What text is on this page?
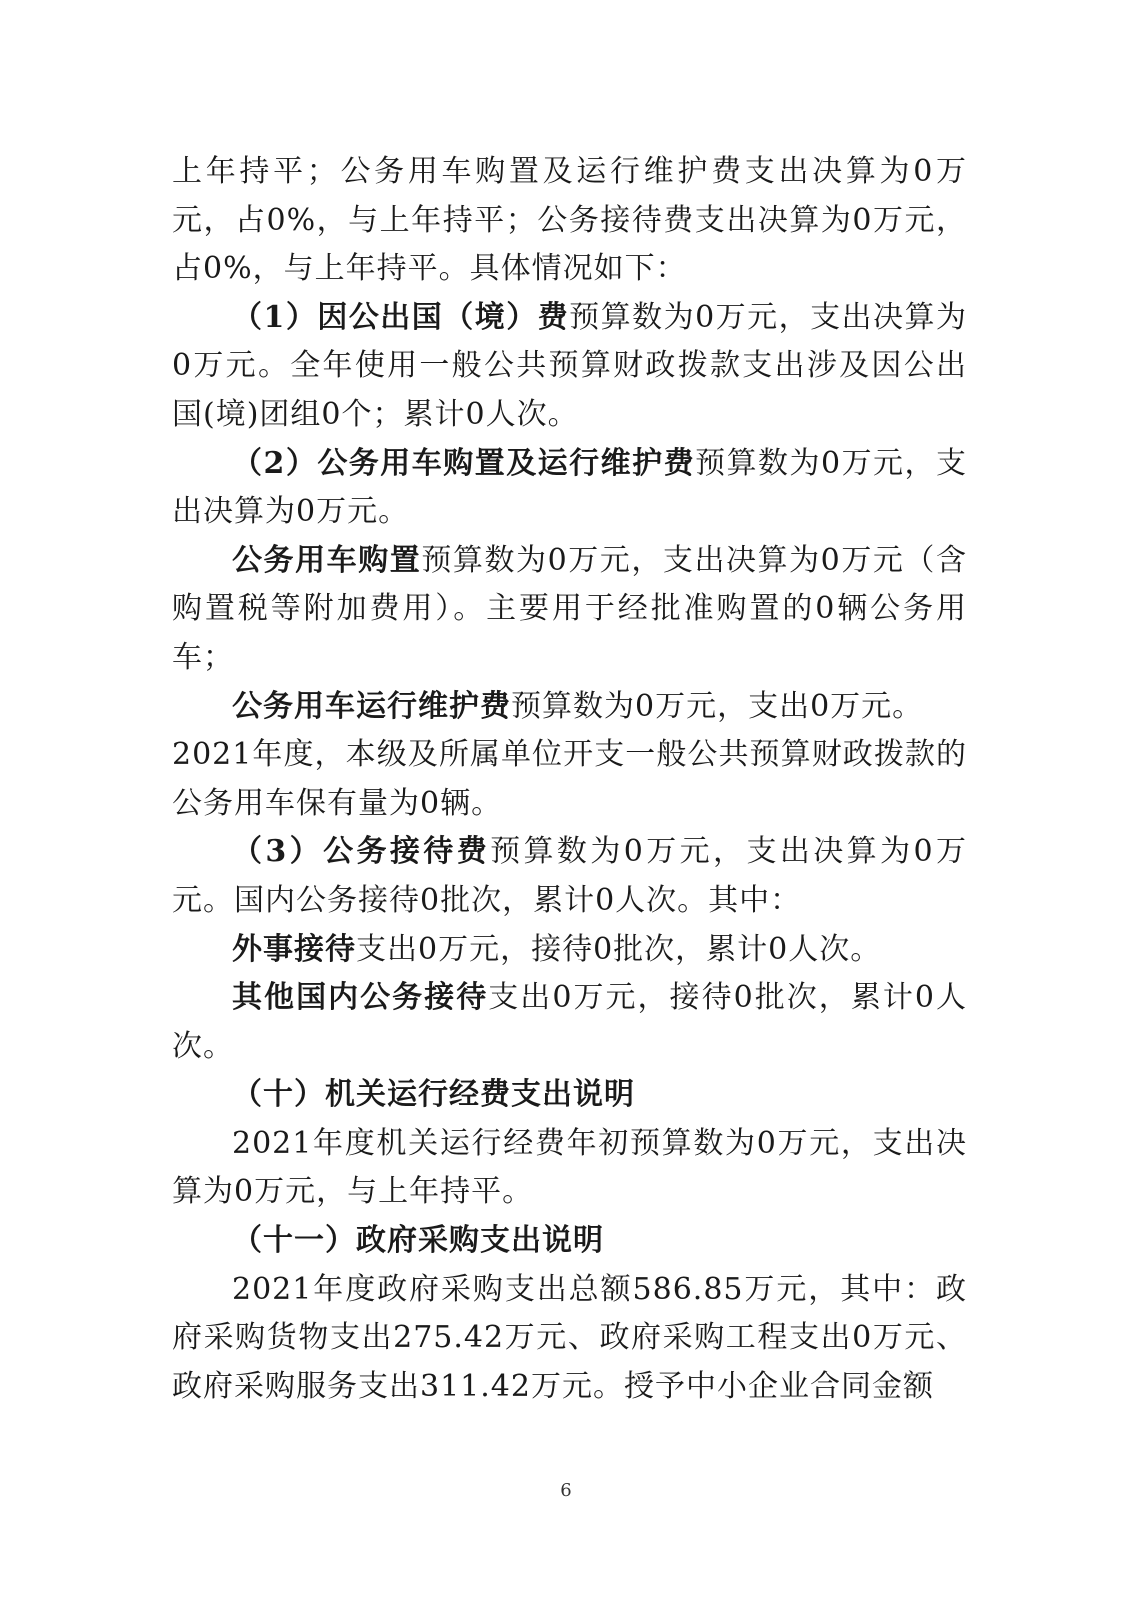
上年持平；公务用车购置及运行维护费支出决算为0万元，占0%，与上年持平；公务接待费支出决算为0万元，占0%，与上年持平。具体情况如下：

（1）因公出国（境）费预算数为0万元，支出决算为0万元。全年使用一般公共预算财政拨款支出涉及因公出国(境)团组0个；累计0人次。

（2）公务用车购置及运行维护费预算数为0万元，支出决算为0万元。

公务用车购置预算数为0万元，支出决算为0万元（含购置税等附加费用）。主要用于经批准购置的0辆公务用车；

公务用车运行维护费预算数为0万元，支出0万元。

2021年度，本级及所属单位开支一般公共预算财政拨款的公务用车保有量为0辆。

（3）公务接待费预算数为0万元，支出决算为0万元。国内公务接待0批次，累计0人次。其中：

外事接待支出0万元，接待0批次，累计0人次。

其他国内公务接待支出0万元，接待0批次，累计0人次。

（十）机关运行经费支出说明

2021年度机关运行经费年初预算数为0万元，支出决算为0万元，与上年持平。

（十一）政府采购支出说明

2021年度政府采购支出总额586.85万元，其中：政府采购货物支出275.42万元、政府采购工程支出0万元、政府采购服务支出311.42万元。授予中小企业合同金额

6
